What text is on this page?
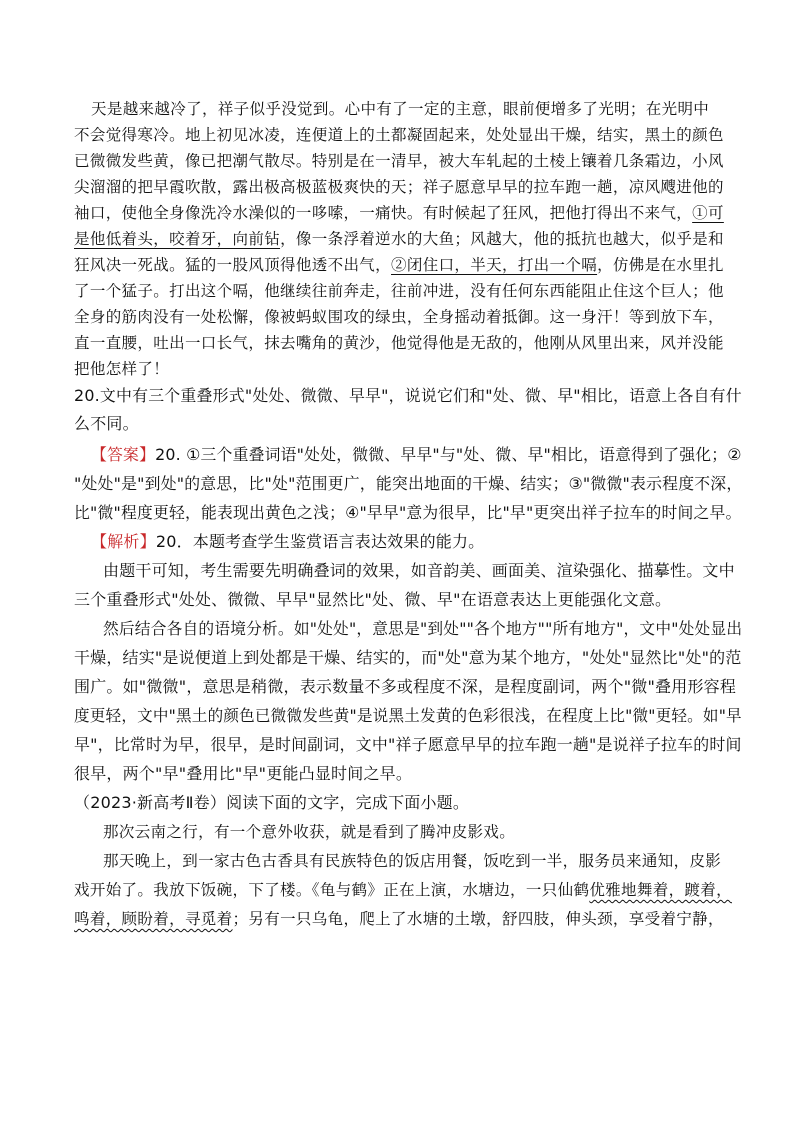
天是越来越冷了，祥子似乎没觉到。心中有了一定的主意，眼前便增多了光明；在光明中
不会觉得寒冷。地上初见冰凌，连便道上的土都凝固起来，处处显出干燥，结实，黑土的颜色
已微微发些黄，像已把潮气散尽。特别是在一清早，被大车轧起的土棱上镶着几条霜边，小风
尖溜溜的把早霞吹散，露出极高极蓝极爽快的天；祥子愿意早早的拉车跑一趟，凉风飕进他的
袖口，使他全身像洗冷水澡似的一哆嗦，一痛快。有时候起了狂风，把他打得出不来气，①可
是他低着头，咬着牙，向前钻，像一条浮着逆水的大鱼；风越大，他的抵抗也越大，似乎是和
狂风决一死战。猛的一股风顶得他透不出气，②闭住口，半天，打出一个嗝，仿佛是在水里扎
了一个猛子。打出这个嗝，他继续往前奔走，往前冲进，没有任何东西能阻止住这个巨人；他
全身的筋肉没有一处松懈，像被蚂蚁围攻的绿虫，全身摇动着抵御。这一身汗！等到放下车，
直一直腰，吐出一口长气，抹去嘴角的黄沙，他觉得他是无敌的，他刚从风里出来，风并没能
把他怎样了！
20.文中有三个重叠形式"处处、微微、早早"，说说它们和"处、微、早"相比，语意上各自有什
么不同。
【答案】20. ①三个重叠词语"处处，微微、早早"与"处、微、早"相比，语意得到了强化；②
"处处"是"到处"的意思，比"处"范围更广，能突出地面的干燥、结实；③"微微"表示程度不深，
比"微"程度更轻，能表现出黄色之浅；④"早早"意为很早，比"早"更突出祥子拉车的时间之早。
【解析】20．本题考查学生鉴赏语言表达效果的能力。
由题干可知，考生需要先明确叠词的效果，如音韵美、画面美、渲染强化、描摹性。文中
三个重叠形式"处处、微微、早早"显然比"处、微、早"在语意表达上更能强化文意。
然后结合各自的语境分析。如"处处"，意思是"到处""各个地方""所有地方"，文中"处处显出
干燥，结实"是说便道上到处都是干燥、结实的，而"处"意为某个地方，"处处"显然比"处"的范
围广。如"微微"，意思是稍微，表示数量不多或程度不深，是程度副词，两个"微"叠用形容程
度更轻，文中"黑土的颜色已微微发些黄"是说黑土发黄的色彩很浅，在程度上比"微"更轻。如"早
早"，比常时为早，很早，是时间副词，文中"祥子愿意早早的拉车跑一趟"是说祥子拉车的时间
很早，两个"早"叠用比"早"更能凸显时间之早。
（2023·新高考Ⅱ卷）阅读下面的文字，完成下面小题。
那次云南之行，有一个意外收获，就是看到了腾冲皮影戏。
那天晚上，到一家古色古香具有民族特色的饭店用餐，饭吃到一半，服务员来通知，皮影
戏开始了。我放下饭碗，下了楼。《龟与鹤》正在上演，水塘边，一只仙鹤优雅地舞着，踱着，
鸣着，顾盼着，寻觅着；另有一只乌龟，爬上了水塘的土墩，舒四肢，伸头颈，享受着宁静，
